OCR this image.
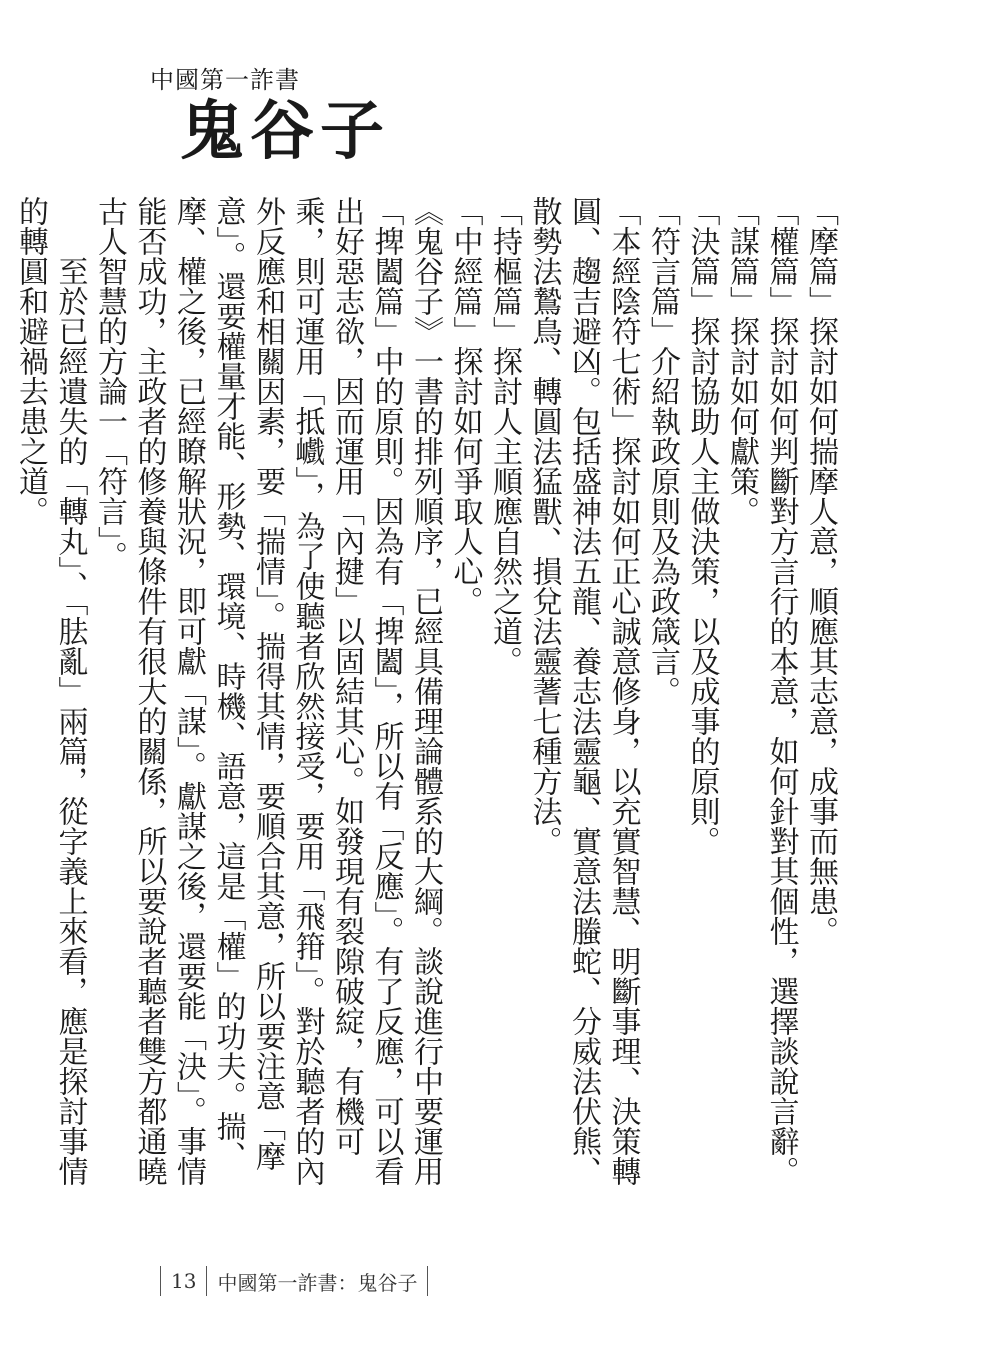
中國第一詐書
鬼谷子

「摩篇」探討如何揣摩人意，順應其志意，成事而無患。

「權篇」探討如何判斷對方言行的本意，如何針對其個性，選擇談說言辭。

「謀篇」探討如何獻策。

「決篇」探討協助人主做決策，以及成事的原則。

「符言篇」介紹執政原則及為政箴言。

「本經陰符七術」探討如何正心誠意修身，以充實智慧、明斷事理、決策轉圓、趨吉避凶。包括盛神法五龍、養志法靈龜、實意法螣蛇、分威法伏熊、散勢法鷙鳥、轉圓法猛獸、損兌法靈蓍七種方法。

「持樞篇」探討人主順應自然之道。

「中經篇」探討如何爭取人心。

《鬼谷子》一書的排列順序，已經具備理論體系的大綱。談說進行中要運用「捭闔篇」中的原則。因為有「捭闔」，所以有「反應」。有了反應，可以看出好惡志欲，因而運用「內揵」以固結其心。如發現有裂隙破綻，有機可乘，則可運用「抵巇」，為了使聽者欣然接受，要用「飛箝」。對於聽者的內外反應和相關因素，要「揣情」。揣得其情，要順合其意，所以要注意「摩意」。還要權量才能、形勢、環境、時機、語意，這是「權」的功夫。揣、摩、權之後，已經瞭解狀況，即可獻「謀」。獻謀之後，還要能「決」。事情能否成功，主政者的修養與條件有很大的關係，所以要說者聽者雙方都通曉古人智慧的方論一「符言」。

至於已經遺失的「轉丸」、「胠亂」兩篇，從字義上來看，應是探討事情的轉圓和避禍去患之道。

13 中國第一詐書：鬼谷子
